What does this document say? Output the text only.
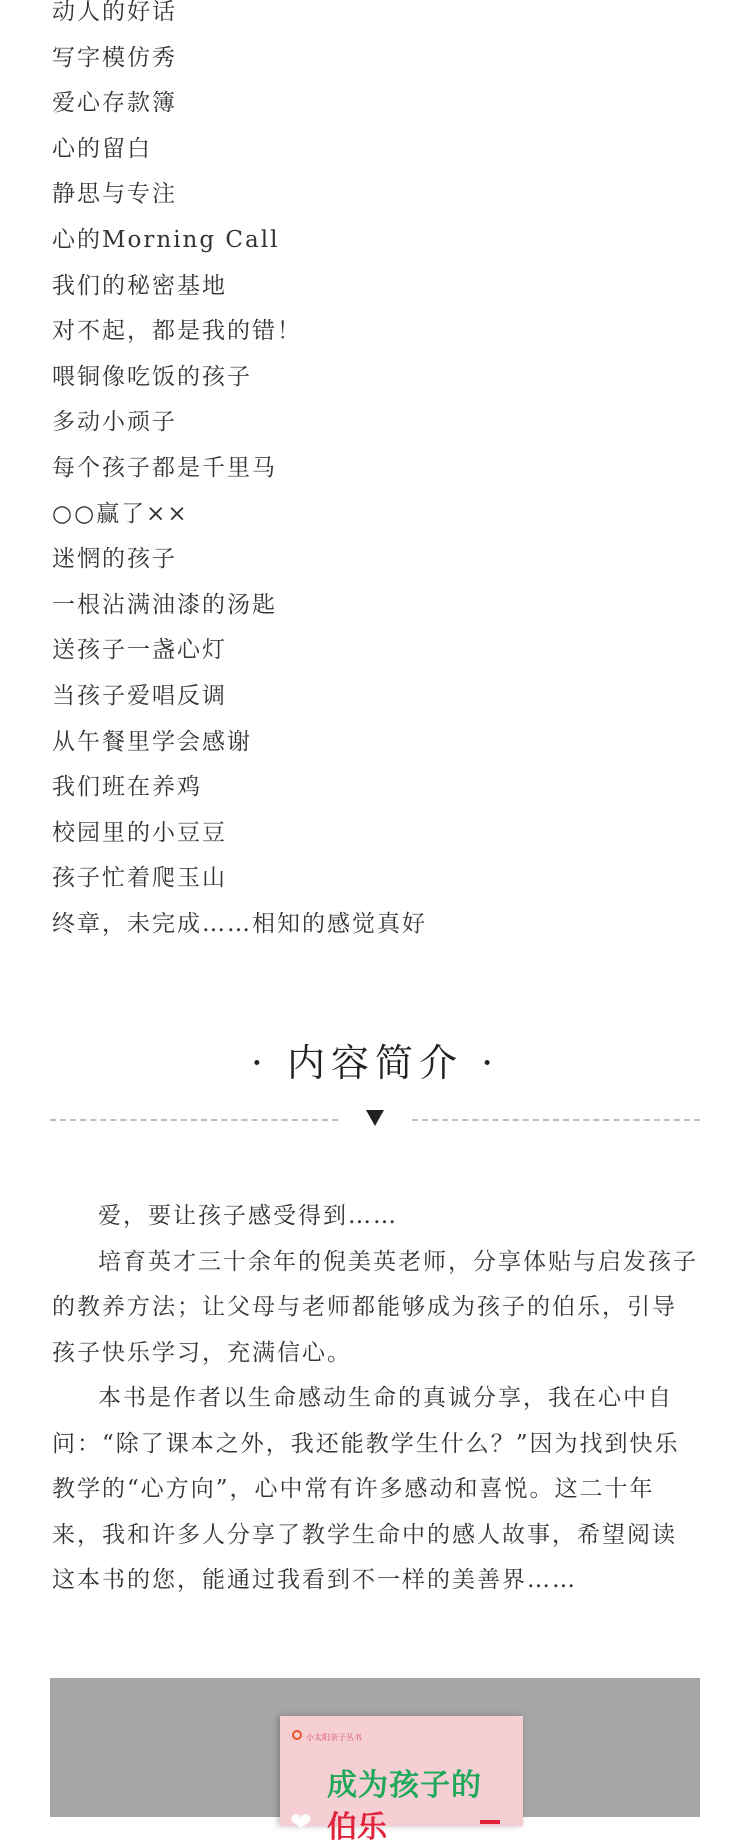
动人的好话
写字模仿秀
爱心存款簿
心的留白
静思与专注
心的Morning Call
我们的秘密基地
对不起，都是我的错！
喂铜像吃饭的孩子
多动小顽子
每个孩子都是千里马
○○赢了××
迷惘的孩子
一根沾满油漆的汤匙
送孩子一盏心灯
当孩子爱唱反调
从午餐里学会感谢
我们班在养鸡
校园里的小豆豆
孩子忙着爬玉山
终章，未完成……相知的感觉真好
· 内容简介 ·

爱，要让孩子感受得到……

培育英才三十余年的倪美英老师，分享体贴与启发孩子的教养方法；让父母与老师都能够成为孩子的伯乐，引导孩子快乐学习，充满信心。

本书是作者以生命感动生命的真诚分享，我在心中自问：“除了课本之外，我还能教学生什么？”因为找到快乐教学的“心方向”，心中常有许多感动和喜悦。这二十年来，我和许多人分享了教学生命中的感人故事，希望阅读这本书的您，能通过我看到不一样的美善界……

小太阳亲子丛书
成为孩子的
❤ 伯乐
